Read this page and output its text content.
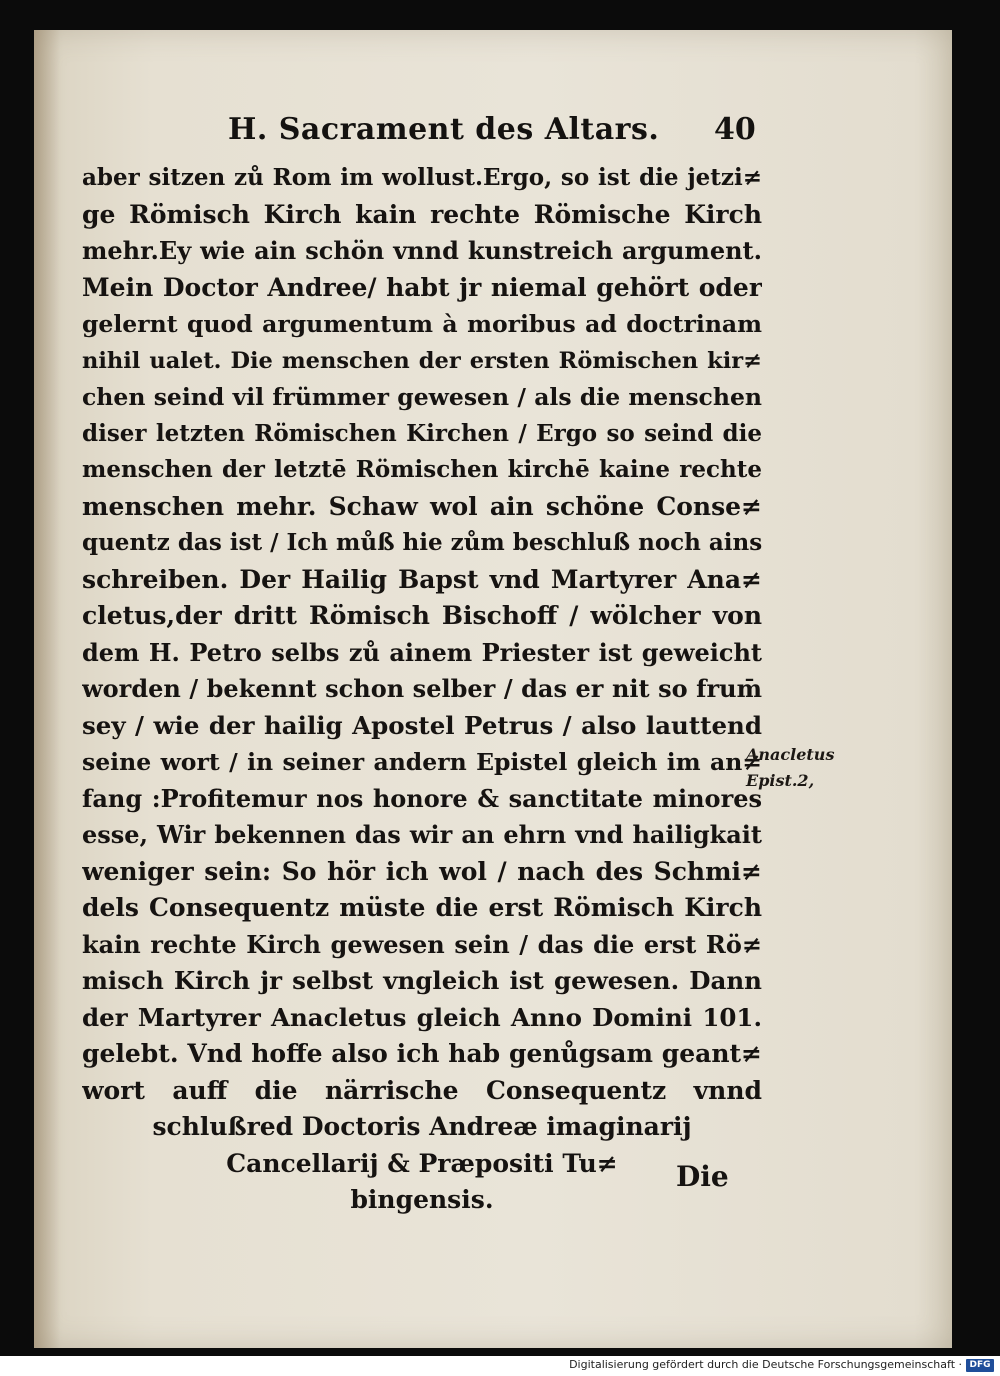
H. Sacrament des Altars. 40
aber sitzen zů Rom im wollust.Ergo, so ist die jetzi≠
ge Römisch Kirch kain rechte Römische Kirch
mehr.Ey wie ain schön vnnd kunstreich argument.
Mein Doctor Andree/ habt jr niemal gehört oder
gelernt quod argumentum à moribus ad doctrinam
nihil ualet. Die menschen der ersten Römischen kir≠
chen seind vil frümmer gewesen / als die menschen
diser letzten Römischen Kirchen / Ergo so seind die
menschen der letztē Römischen kirchē kaine rechte
menschen mehr. Schaw wol ain schöne Conse≠
quentz das ist / Ich můß hie zům beschluß noch ains
schreiben. Der Hailig Bapst vnd Martyrer Ana≠
cletus,der dritt Römisch Bischoff / wölcher von
dem H. Petro selbs zů ainem Priester ist geweicht
worden / bekennt schon selber / das er nit so frum̄
sey / wie der hailig Apostel Petrus / also lauttend
seine wort / in seiner andern Epistel gleich im an≠
fang :Profitemur nos honore & sanctitate minores
esse, Wir bekennen das wir an ehrn vnd hailigkait
weniger sein: So hör ich wol / nach des Schmi≠
dels Consequentz müste die erst Römisch Kirch
kain rechte Kirch gewesen sein / das die erst Rö≠
misch Kirch jr selbst vngleich ist gewesen. Dann
der Martyrer Anacletus gleich Anno Domini 101.
gelebt. Vnd hoffe also ich hab genůgsam geant≠
wort auff die närrische Consequentz vnnd
schlußred Doctoris Andreæ imaginarij
Cancellarij & Præpositi Tu≠
bingensis.
Die
Anacletus
Epist.2,
Digitalisierung gefördert durch die Deutsche Forschungsgemeinschaft · DFG
